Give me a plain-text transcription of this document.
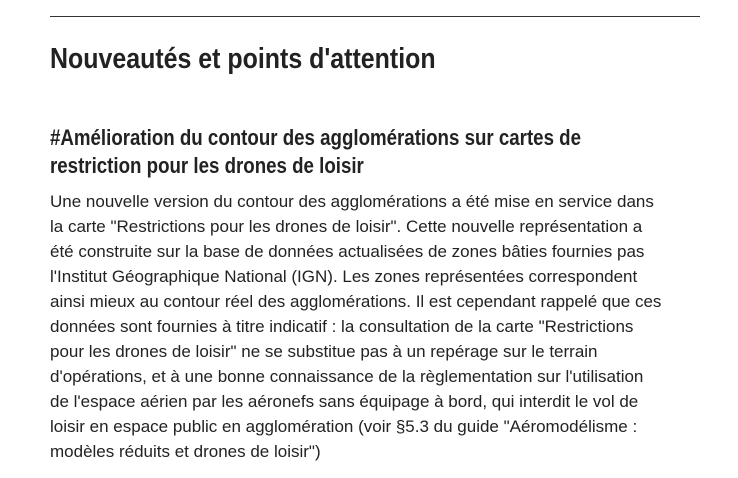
Nouveautés et points d'attention
#Amélioration du contour des agglomérations sur cartes de
restriction pour les drones de loisir
Une nouvelle version du contour des agglomérations a été mise en service dans
la carte "Restrictions pour les drones de loisir". Cette nouvelle représentation a
été construite sur la base de données actualisées de zones bâties fournies pas
l'Institut Géographique National (IGN). Les zones représentées correspondent
ainsi mieux au contour réel des agglomérations. Il est cependant rappelé que ces
données sont fournies à titre indicatif : la consultation de la carte "Restrictions
pour les drones de loisir" ne se substitue pas à un repérage sur le terrain
d'opérations, et à une bonne connaissance de la règlementation sur l'utilisation
de l'espace aérien par les aéronefs sans équipage à bord, qui interdit le vol de
loisir en espace public en agglomération (voir §5.3 du guide "Aéromodélisme :
modèles réduits et drones de loisir")
